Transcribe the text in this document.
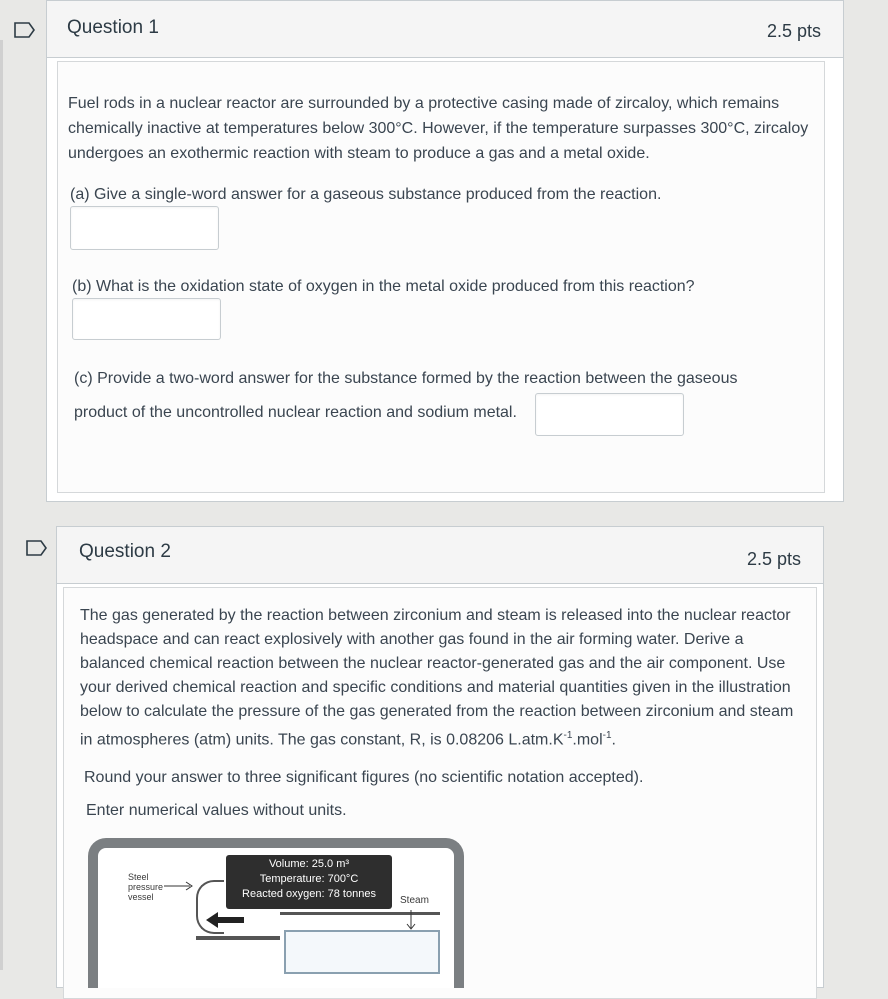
Question 1	2.5 pts

Fuel rods in a nuclear reactor are surrounded by a protective casing made of zircaloy, which remains chemically inactive at temperatures below 300°C. However, if the temperature surpasses 300°C, zircaloy undergoes an exothermic reaction with steam to produce a gas and a metal oxide.

(a) Give a single-word answer for a gaseous substance produced from the reaction.

(b) What is the oxidation state of oxygen in the metal oxide produced from this reaction?

(c) Provide a two-word answer for the substance formed by the reaction between the gaseous

product of the uncontrolled nuclear reaction and sodium metal.

Question 2	2.5 pts

The gas generated by the reaction between zirconium and steam is released into the nuclear reactor headspace and can react explosively with another gas found in the air forming water. Derive a balanced chemical reaction between the nuclear reactor-generated gas and the air component. Use your derived chemical reaction and specific conditions and material quantities given in the illustration below to calculate the pressure of the gas generated from the reaction between zirconium and steam in atmospheres (atm) units. The gas constant, R, is 0.08206 $L.atm.K^{-1}.mol^{-1}$.

Round your answer to three significant figures (no scientific notation accepted).

Enter numerical values without units.

Steel
pressure
vessel
Volume: 25.0 m³
Temperature: 700°C
Reacted oxygen: 78 tonnes
Steam
